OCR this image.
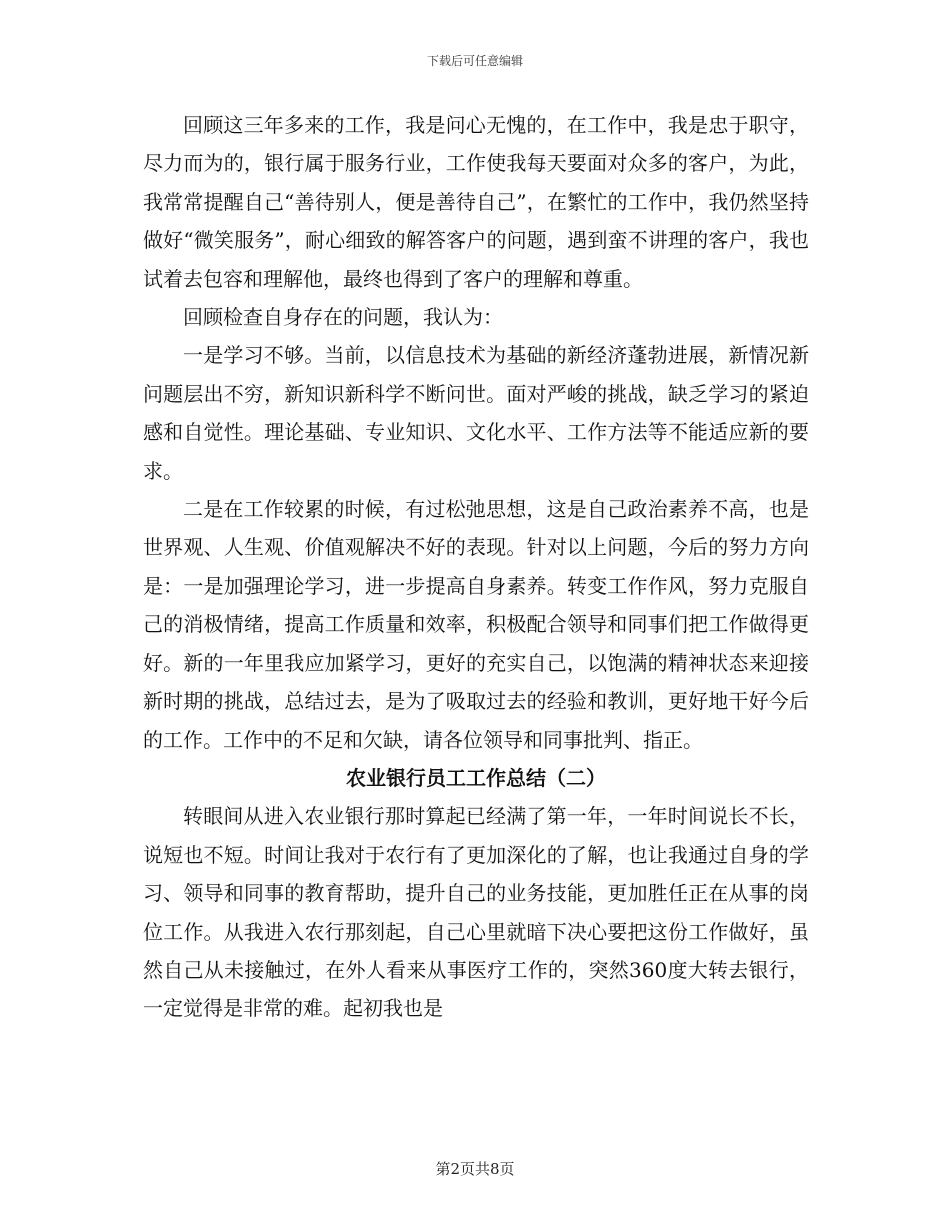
下载后可任意编辑

回顾这三年多来的工作，我是问心无愧的，在工作中，我是忠于职守，尽力而为的，银行属于服务行业，工作使我每天要面对众多的客户，为此，我常常提醒自己“善待别人，便是善待自己”，在繁忙的工作中，我仍然坚持做好“微笑服务”，耐心细致的解答客户的问题，遇到蛮不讲理的客户，我也试着去包容和理解他，最终也得到了客户的理解和尊重。

回顾检查自身存在的问题，我认为：

一是学习不够。当前，以信息技术为基础的新经济蓬勃进展，新情况新问题层出不穷，新知识新科学不断问世。面对严峻的挑战，缺乏学习的紧迫感和自觉性。理论基础、专业知识、文化水平、工作方法等不能适应新的要求。

二是在工作较累的时候，有过松弛思想，这是自己政治素养不高，也是世界观、人生观、价值观解决不好的表现。针对以上问题，今后的努力方向是：一是加强理论学习，进一步提高自身素养。转变工作作风，努力克服自己的消极情绪，提高工作质量和效率，积极配合领导和同事们把工作做得更好。新的一年里我应加紧学习，更好的充实自己，以饱满的精神状态来迎接新时期的挑战，总结过去，是为了吸取过去的经验和教训，更好地干好今后的工作。工作中的不足和欠缺，请各位领导和同事批判、指正。

农业银行员工工作总结（二）

转眼间从进入农业银行那时算起已经满了第一年，一年时间说长不长，说短也不短。时间让我对于农行有了更加深化的了解，也让我通过自身的学习、领导和同事的教育帮助，提升自己的业务技能，更加胜任正在从事的岗位工作。从我进入农行那刻起，自己心里就暗下决心要把这份工作做好，虽然自己从未接触过，在外人看来从事医疗工作的，突然360度大转去银行，一定觉得是非常的难。起初我也是

第2页共8页
